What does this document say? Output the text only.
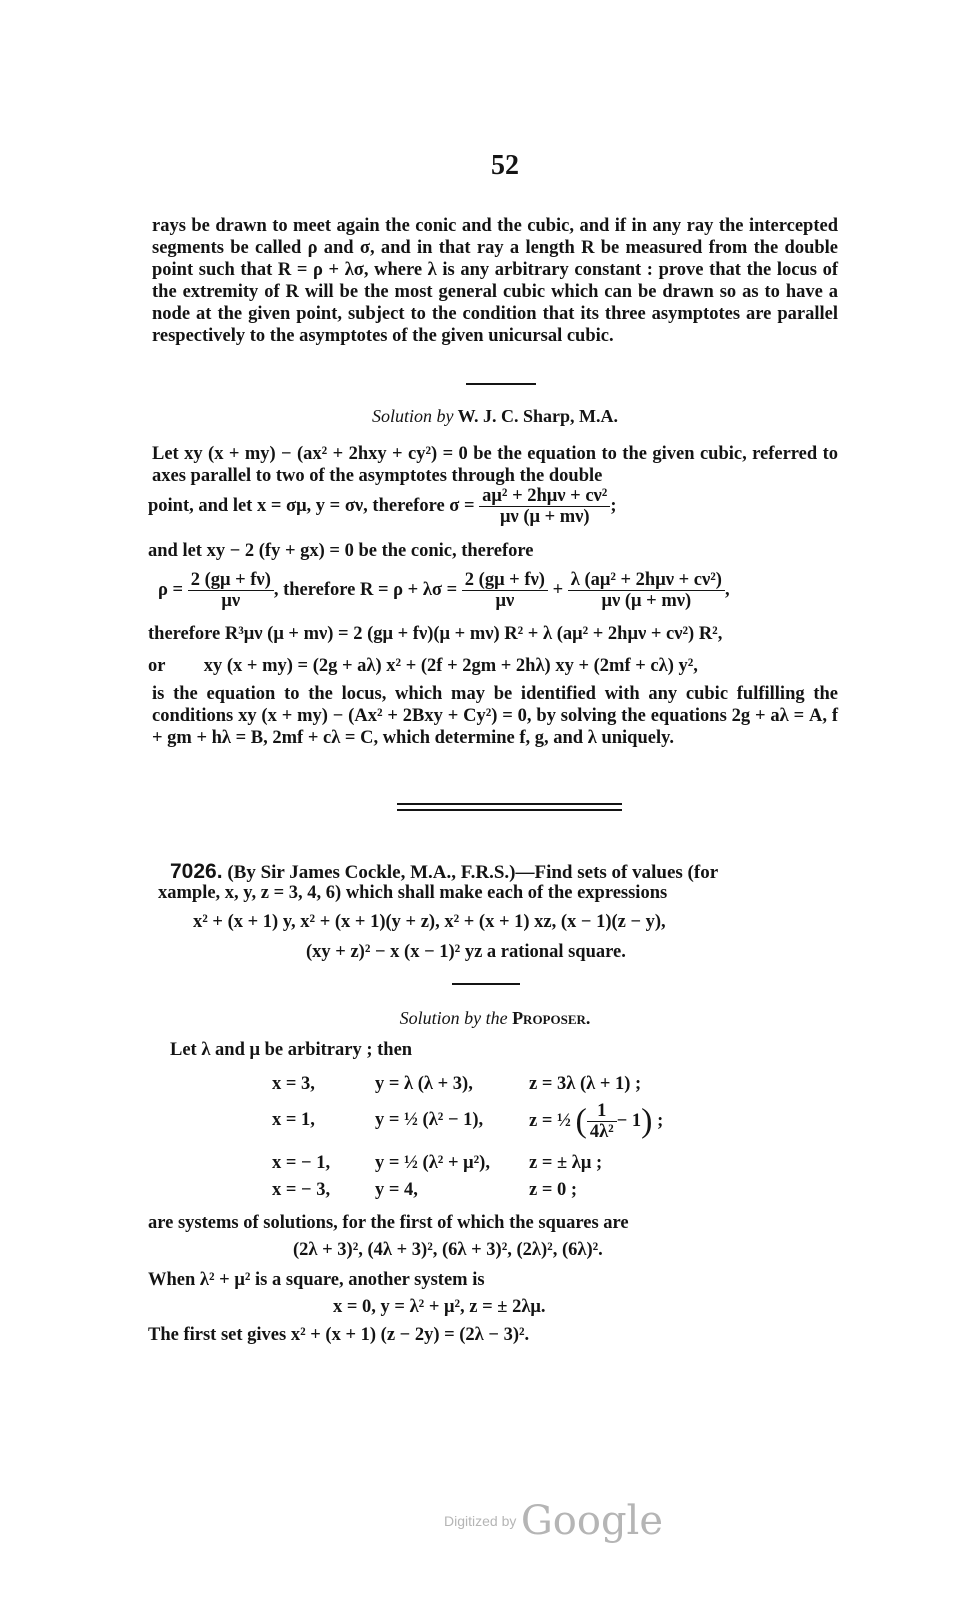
52
rays be drawn to meet again the conic and the cubic, and if in any ray the intercepted segments be called ρ and σ, and in that ray a length R be measured from the double point such that R = ρ + λσ, where λ is any arbitrary constant : prove that the locus of the extremity of R will be the most general cubic which can be drawn so as to have a node at the given point, subject to the condition that its three asymptotes are parallel respectively to the asymptotes of the given unicursal cubic.
Solution by W. J. C. Sharp, M.A.
Let xy (x + my) − (ax² + 2hxy + cy²) = 0 be the equation to the given cubic, referred to axes parallel to two of the asymptotes through the double
point, and let x = σμ, y = σν, therefore $\sigma = \frac{\text{aμ² + 2hμν + cν²}}{\mu\nu (\mu + m\nu)}$ ;
and let xy − 2 (fy + gx) = 0 be the conic, therefore
$\rho = \frac{2 (g\mu + f\nu)}{\mu\nu}$ , therefore $R = \rho + \lambda\sigma = \frac{2 (g\mu + f\nu)}{\mu\nu} + \frac{\text{λ (aμ² + 2hμν + cν²)}}{\mu\nu (\mu + m\nu)}$ ,
therefore R³μν (μ + mν) = 2 (gμ + fν)(μ + mν) R² + λ (aμ² + 2hμν + cν²) R²,
or xy (x + my) = (2g + aλ) x² + (2f + 2gm + 2hλ) xy + (2mf + cλ) y²,
is the equation to the locus, which may be identified with any cubic fulfilling the conditions xy (x + my) − (Ax² + 2Bxy + Cy²) = 0, by solving the equations 2g + aλ = A, f + gm + hλ = B, 2mf + cλ = C, which determine f, g, and λ uniquely.
7026. (By Sir James Cockle, M.A., F.R.S.)—Find sets of values (for
xample, x, y, z = 3, 4, 6) which shall make each of the expressions
x² + (x + 1) y, x² + (x + 1)(y + z), x² + (x + 1) xz, (x − 1)(z − y),
(xy + z)² − x (x − 1)² yz a rational square.
Solution by the Proposer.
Let λ and μ be arbitrary ; then
x = 3,	y = λ (λ + 3),	z = 3λ (λ + 1) ;
x = 1,	y = ½ (λ² − 1), z = ½ ( $\frac{1}{\text{4λ²}} - 1$) ;
x = − 1, y = ½ (λ² + μ²), z = ± λμ ;
x = − 3, y = 4,	z = 0 ;
are systems of solutions, for the first of which the squares are
(2λ + 3)², (4λ + 3)², (6λ + 3)², (2λ)², (6λ)².
When λ² + μ² is a square, another system is
x = 0, y = λ² + μ², z = ± 2λμ.
The first set gives x² + (x + 1) (z − 2y) = (2λ − 3)².
Digitized by Google
